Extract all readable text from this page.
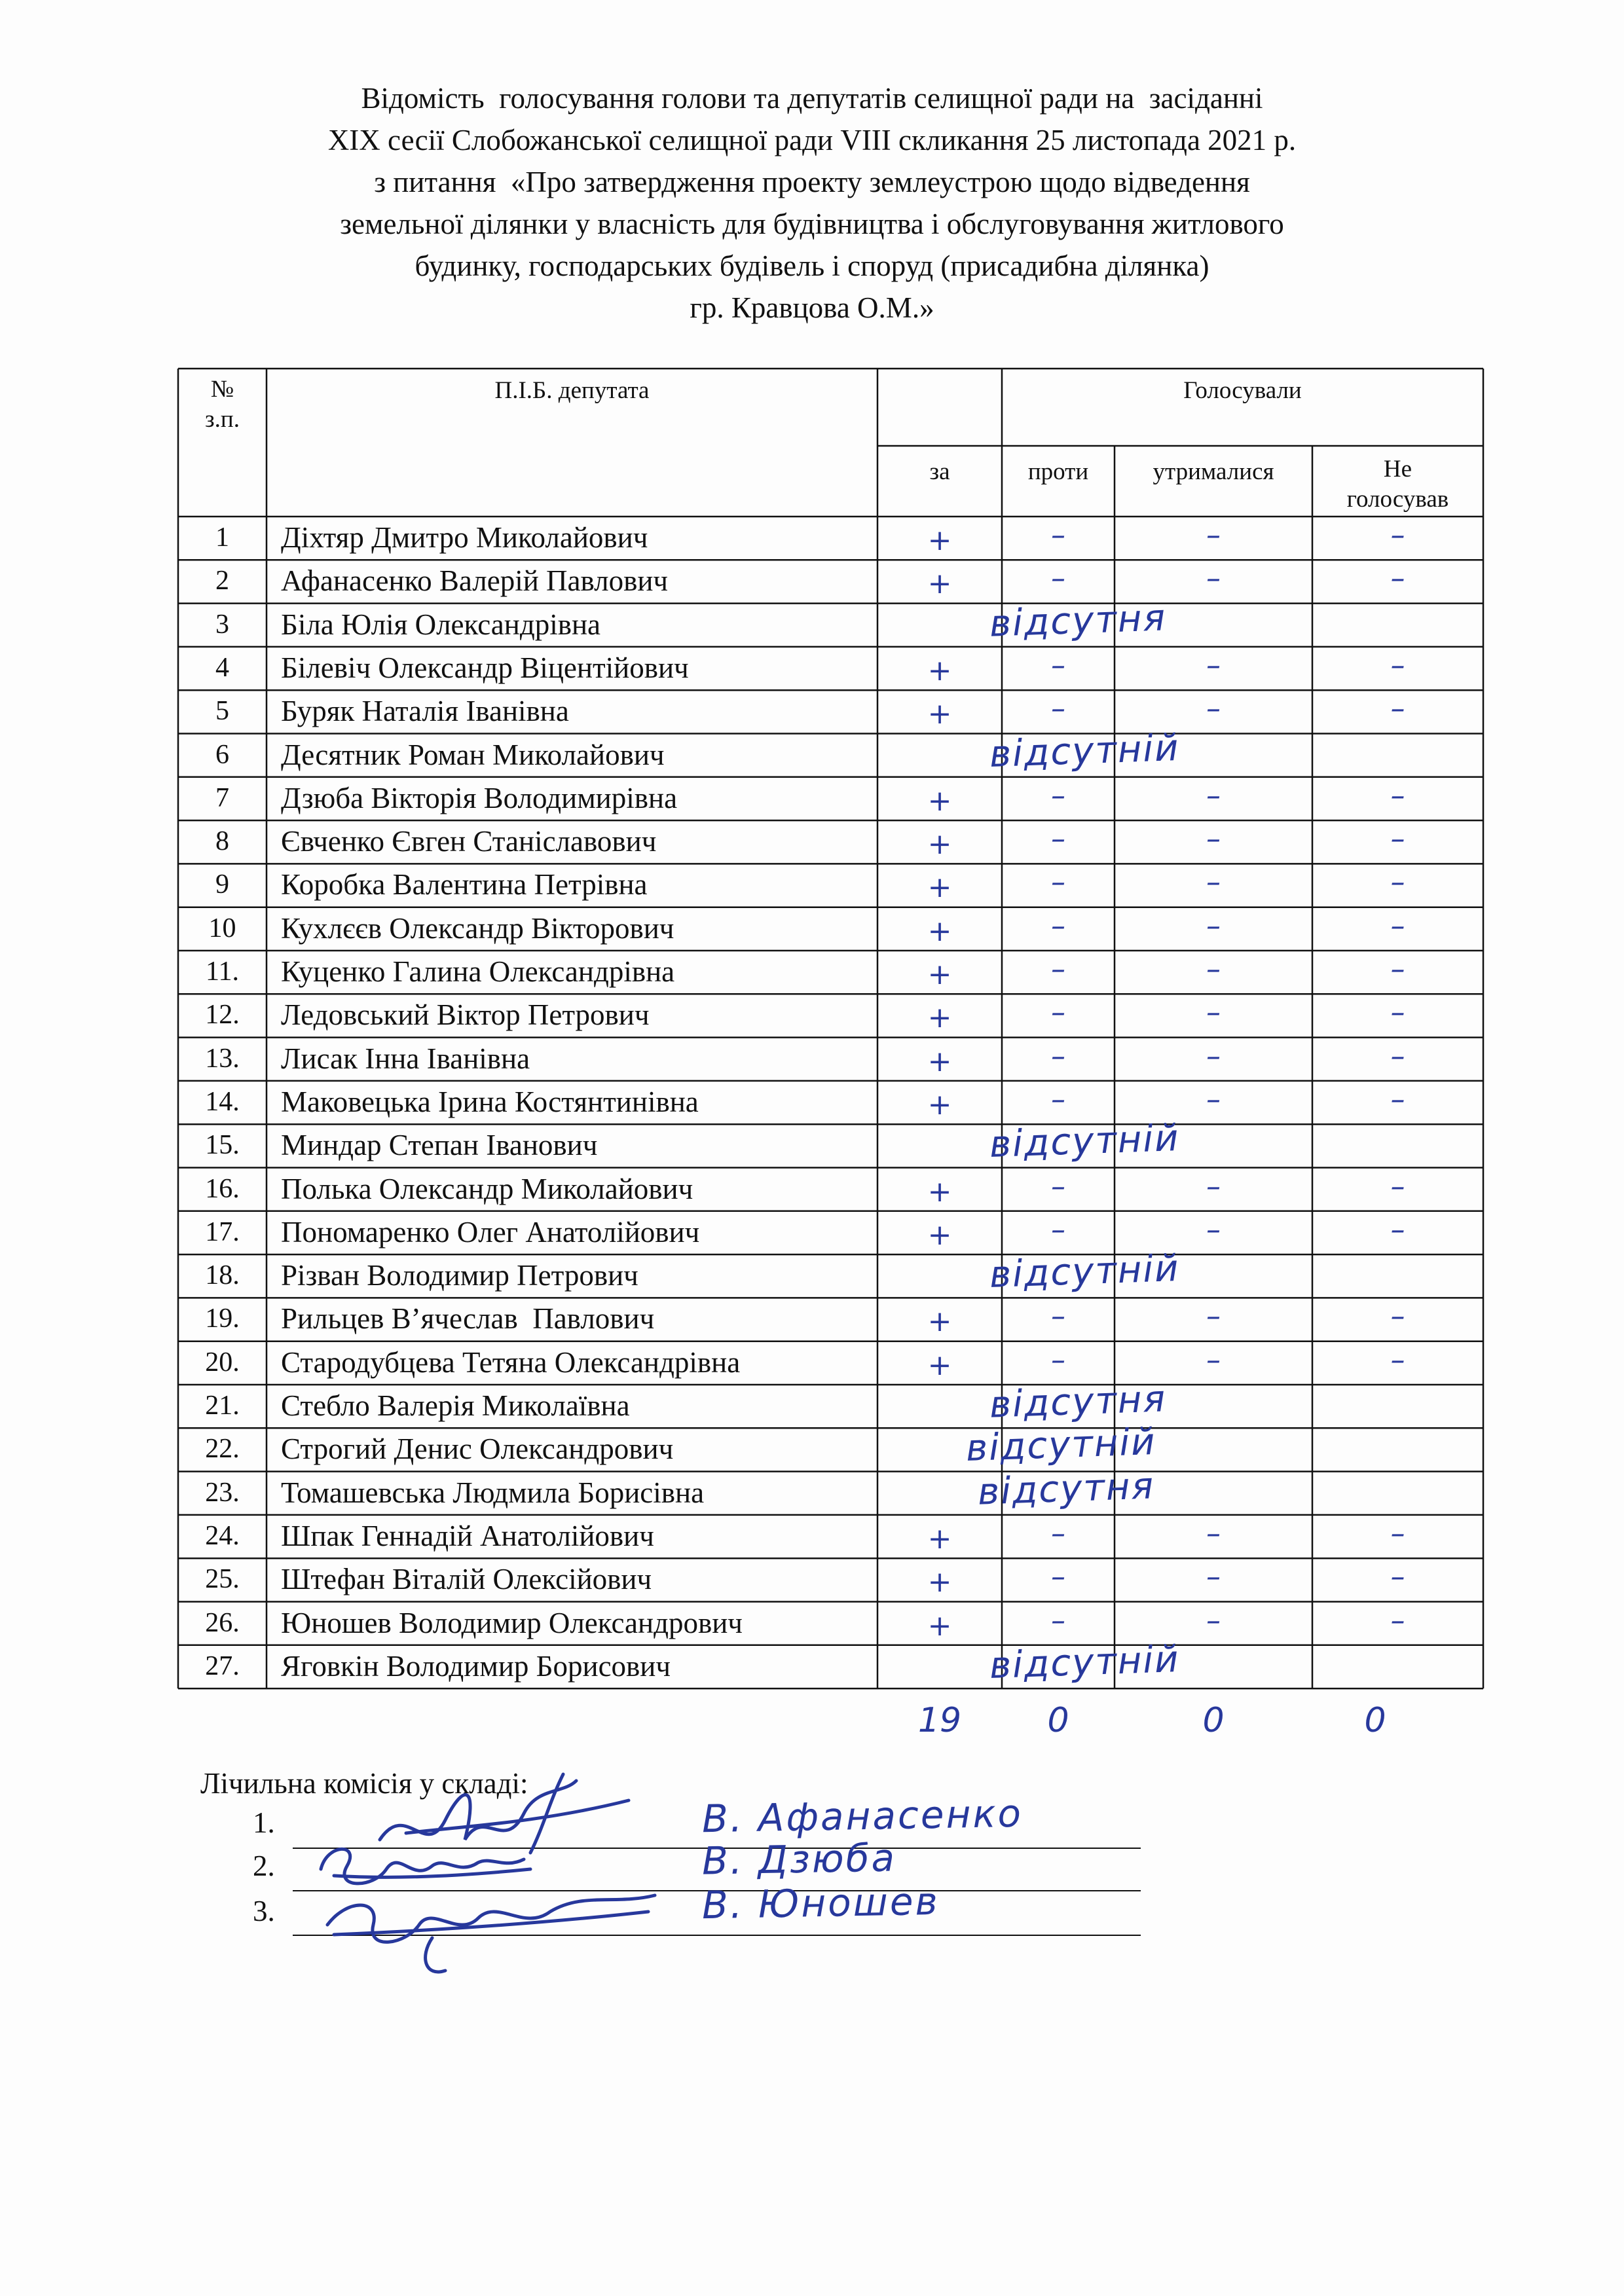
Відомість  голосування голови та депутатів селищної ради на  засіданні
XIX сесії Слобожанської селищної ради VIII скликання 25 листопада 2021 р.
з питання  «Про затвердження проекту землеустрою щодо відведення
земельної ділянки у власність для будівництва і обслуговування житлового
будинку, господарських будівель і споруд (присадибна ділянка)
гр. Кравцова О.М.»
№
з.п.
П.І.Б. депутата	Голосували
за	проти	утрималися	Не
голосував
1	Діхтяр Дмитро Миколайович	+	–	–	–
2	Афанасенко Валерій Павлович	+	–	–	–
3	Біла Юлія Олександрівна	відсутня
4	Білевіч Олександр Віцентійович	+	–	–	–
5	Буряк Наталія Іванівна	+	–	–	–
6	Десятник Роман Миколайович	відсутній
7	Дзюба Вікторія Володимирівна	+	–	–	–
8	Євченко Євген Станіславович	+	–	–	–
9	Коробка Валентина Петрівна	+	–	–	–
10	Кухлєєв Олександр Вікторович	+	–	–	–
11.	Куценко Галина Олександрівна	+	–	–	–
12.	Ледовський Віктор Петрович	+	–	–	–
13.	Лисак Інна Іванівна	+	–	–	–
14.	Маковецька Ірина Костянтинівна	+	–	–	–
15.	Миндар Степан Іванович	відсутній
16.	Полька Олександр Миколайович	+	–	–	–
17.	Пономаренко Олег Анатолійович	+	–	–	–
18.	Різван Володимир Петрович	відсутній
19.	Рильцев В’ячеслав  Павлович	+	–	–	–
20.	Стародубцева Тетяна Олександрівна	+	–	–	–
21.	Стебло Валерія Миколаївна	відсутня
22.	Строгий Денис Олександрович	відсутній
23.	Томашевська Людмила Борисівна	відсутня
24.	Шпак Геннадій Анатолійович	+	–	–	–
25.	Штефан Віталій Олексійович	+	–	–	–
26.	Юношев Володимир Олександрович	+	–	–	–
27.	Яговкін Володимир Борисович	відсутній
19	0	0	0
Лічильна комісія у складі:
1.	В. Афанасенко
2.	В. Дзюба
3.	В. Юношев
